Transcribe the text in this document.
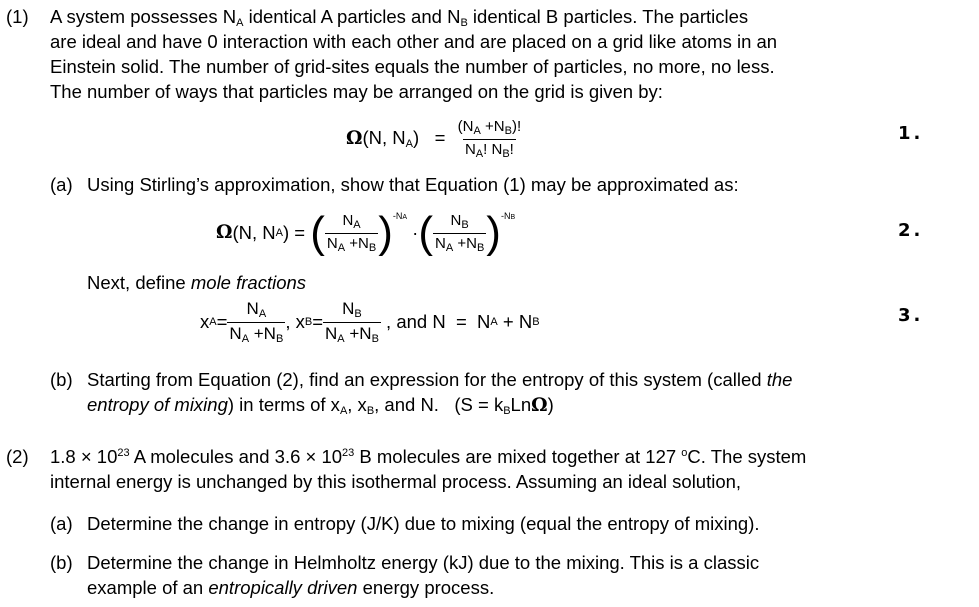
(1) A system possesses $N_A$ identical A particles and $N_B$ identical B particles. The particles
are ideal and have 0 interaction with each other and are placed on a grid like atoms in an
Einstein solid. The number of grid-sites equals the number of particles, no more, no less.
The number of ways that particles may be arranged on the grid is given by:
Ω(N, $N_A) = \frac{(N_A +N_B)!}{N_A! N_B!}$	1.
(a) Using Stirling’s approximation, show that Equation (1) may be approximated as:
Ω (N, N A )
=
( $\frac{N_A}{N_A +N_B}$ ) -NA

· ( $\frac{N_B}{N_A +N_B}$ ) -NB
2.
Next, define mole fractions
x $A = \frac{N_A}{N_A +N_B}$ , x $B = \frac{N_B}{N_A +N_B}$ , and N  =  N A + N B	3.
(b) Starting from Equation (2), find an expression for the entropy of this system (called the
entropy of mixing) in terms of $x_A$, $x_B$, and N.   $(S = k_BLn\Omega)$
(2) $1.8 \times 10^{23}$ A molecules and $3.6 \times 10^{23}$ B molecules are mixed together at 127 $^o$C. The system
internal energy is unchanged by this isothermal process. Assuming an ideal solution,
(a) Determine the change in entropy (J/K) due to mixing (equal the entropy of mixing).
(b) Determine the change in Helmholtz energy (kJ) due to the mixing. This is a classic
example of an entropically driven energy process.
